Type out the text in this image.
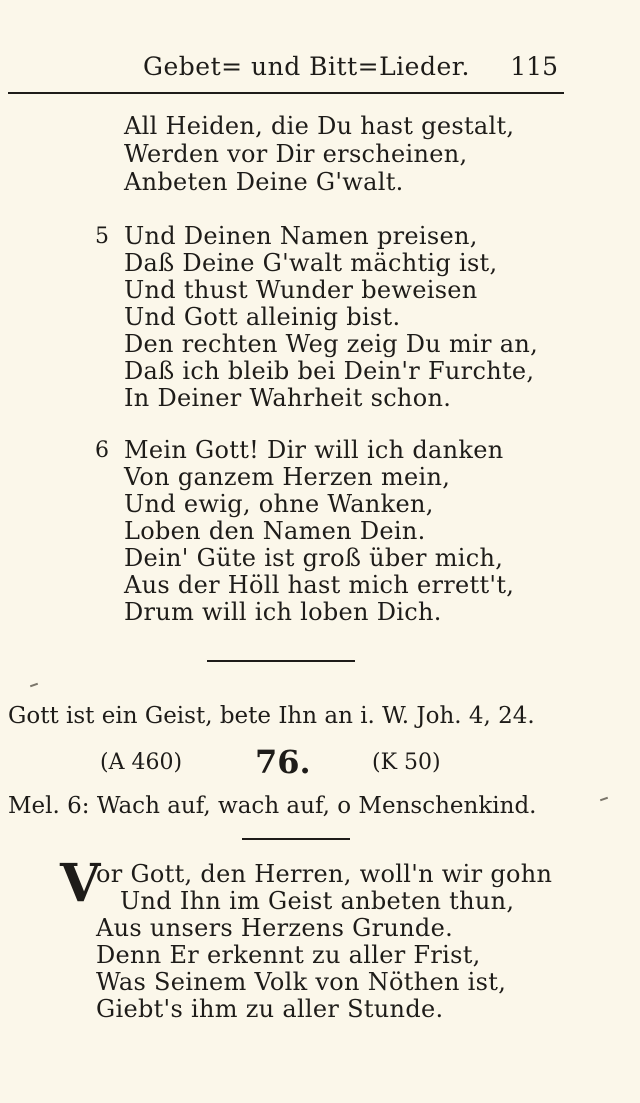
Gebet= und Bitt=Lieder. 115
All Heiden, die Du hast gestalt,
Werden vor Dir erscheinen,
Anbeten Deine G'walt.
5 Und Deinen Namen preisen,
Daß Deine G'walt mächtig ist,
Und thust Wunder beweisen
Und Gott alleinig bist.
Den rechten Weg zeig Du mir an,
Daß ich bleib bei Dein'r Furchte,
In Deiner Wahrheit schon.
6 Mein Gott! Dir will ich danken
Von ganzem Herzen mein,
Und ewig, ohne Wanken,
Loben den Namen Dein.
Dein' Güte ist groß über mich,
Aus der Höll hast mich errett't,
Drum will ich loben Dich.
Gott ist ein Geist, bete Ihn an i. W. Joh. 4, 24.
(A 460) 76.	(K 50)
Mel. 6: Wach auf, wach auf, o Menschenkind.
V
or Gott, den Herren, woll'n wir gohn
Und Ihn im Geist anbeten thun,
Aus unsers Herzens Grunde.
Denn Er erkennt zu aller Frist,
Was Seinem Volk von Nöthen ist,
Giebt's ihm zu aller Stunde.
